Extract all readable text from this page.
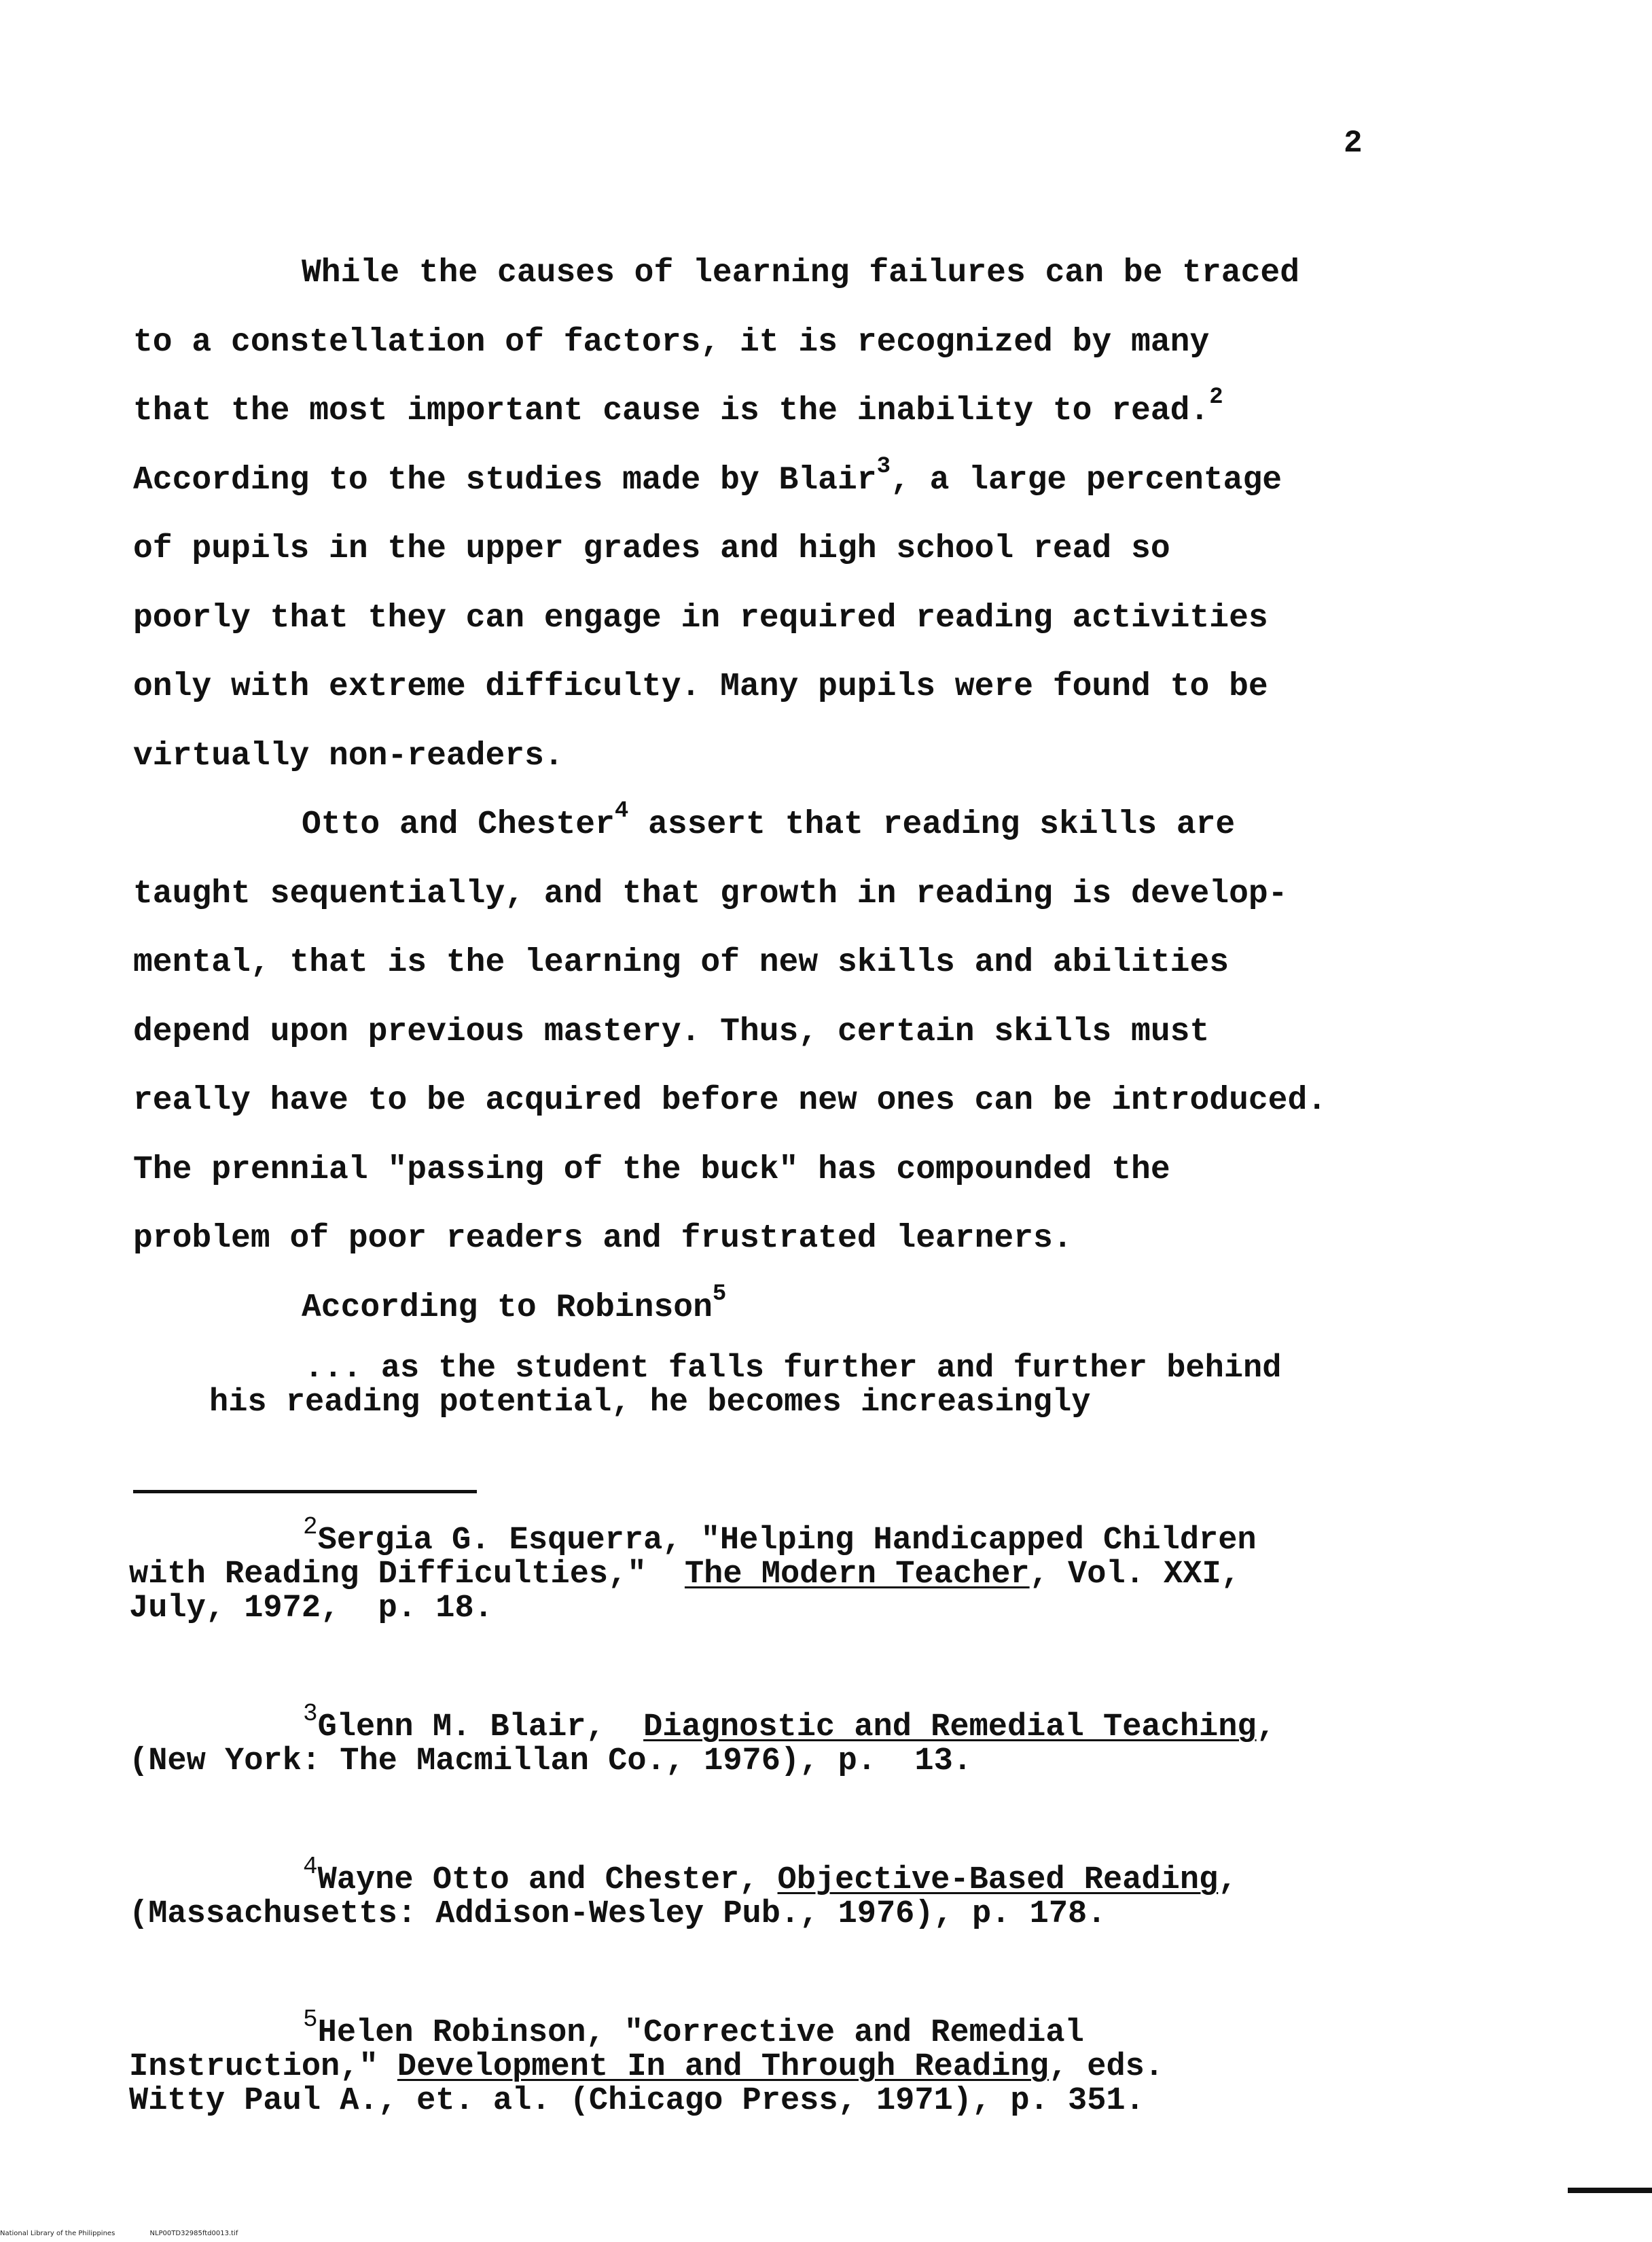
2
While the causes of learning failures can be traced
to a constellation of factors, it is recognized by many
that the most important cause is the inability to read.$^2$
According to the studies made by Blair$^3$, a large percentage
of pupils in the upper grades and high school read so
poorly that they can engage in required reading activities
only with extreme difficulty. Many pupils were found to be
virtually non-readers.
Otto and Chester$^4$ assert that reading skills are
taught sequentially, and that growth in reading is develop-
mental, that is the learning of new skills and abilities
depend upon previous mastery. Thus, certain skills must
really have to be acquired before new ones can be introduced.
The prennial "passing of the buck" has compounded the
problem of poor readers and frustrated learners.
According to Robinson$^5$
... as the student falls further and further behind
his reading potential, he becomes increasingly
$^2$Sergia G. Esquerra, "Helping Handicapped Children
with Reading Difficulties,"  The Modern Teacher, Vol. XXI,
July, 1972,  p. 18.
$^3$Glenn M. Blair,  Diagnostic and Remedial Teaching,
(New York: The Macmillan Co., 1976), p.  13.
$^4$Wayne Otto and Chester, Objective-Based Reading,
(Massachusetts: Addison-Wesley Pub., 1976), p. 178.
$^5$Helen Robinson, "Corrective and Remedial
Instruction," Development In and Through Reading, eds.
Witty Paul A., et. al. (Chicago Press, 1971), p. 351.
National Library of the Philippines	NLP00TD32985ftd0013.tif
